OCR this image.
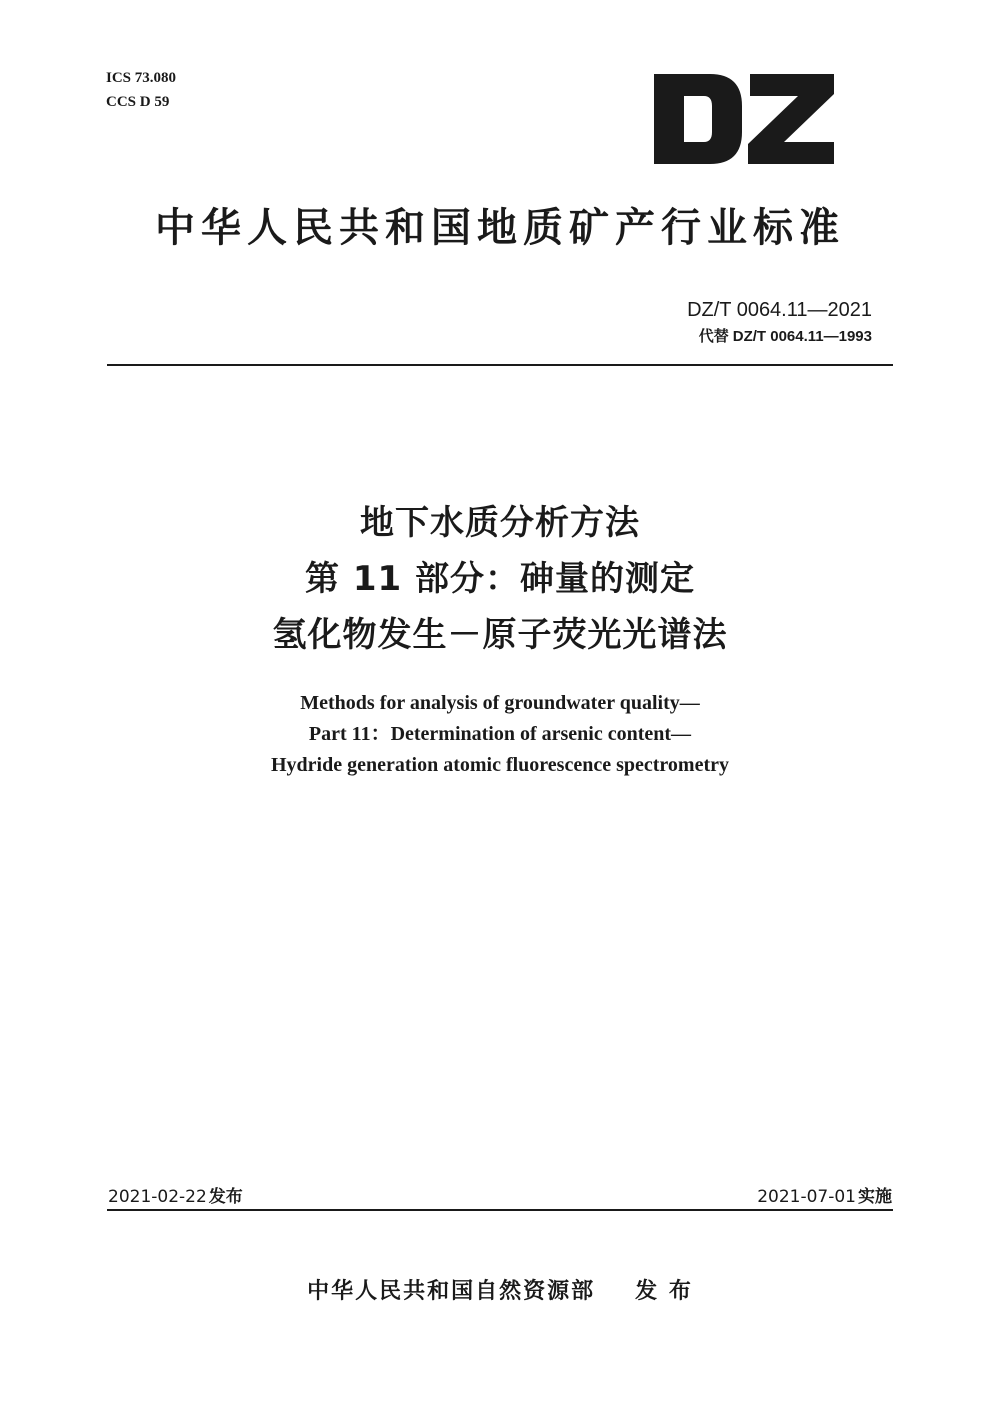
ICS 73.080
CCS D 59
中华人民共和国地质矿产行业标准
DZ/T 0064.11—2021
代替 DZ/T 0064.11—1993
地下水质分析方法
第 11 部分：砷量的测定
氢化物发生－原子荧光光谱法
Methods for analysis of groundwater quality—
Part 11：Determination of arsenic content—
Hydride generation atomic fluorescence spectrometry
2021-02-22 发布	2021-07-01 实施
中华人民共和国自然资源部 发 布
